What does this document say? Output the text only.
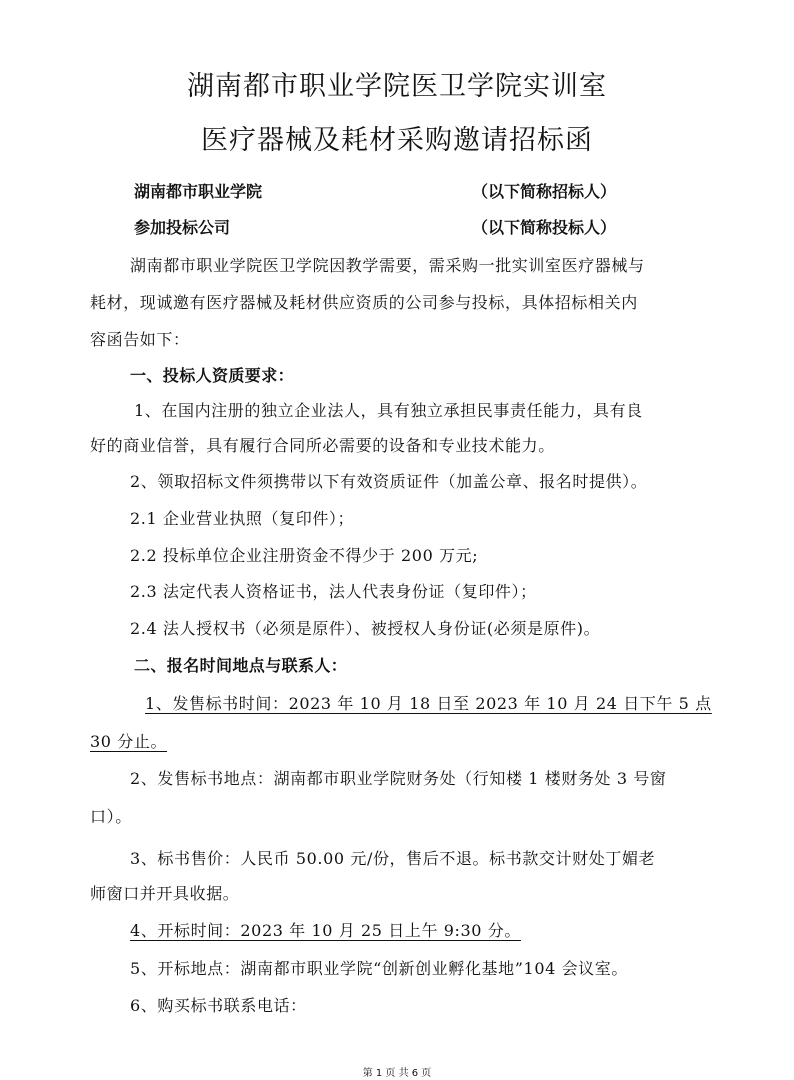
湖南都市职业学院医卫学院实训室
医疗器械及耗材采购邀请招标函
湖南都市职业学院	（以下简称招标人）
参加投标公司	（以下简称投标人）
湖南都市职业学院医卫学院因教学需要，需采购一批实训室医疗器械与
耗材，现诚邀有医疗器械及耗材供应资质的公司参与投标，具体招标相关内
容函告如下：
一、投标人资质要求：
1、在国内注册的独立企业法人，具有独立承担民事责任能力，具有良
好的商业信誉，具有履行合同所必需要的设备和专业技术能力。
2、领取招标文件须携带以下有效资质证件（加盖公章、报名时提供）。
2.1 企业营业执照（复印件）；
2.2 投标单位企业注册资金不得少于 200 万元;
2.3 法定代表人资格证书，法人代表身份证（复印件）；
2.4 法人授权书（必须是原件）、被授权人身份证(必须是原件)。
二、报名时间地点与联系人：
1、发售标书时间：2023 年 10 月 18 日至 2023 年 10 月 24 日下午 5 点
30 分止。
2、发售标书地点：湖南都市职业学院财务处（行知楼 1 楼财务处 3 号窗
口）。
3、标书售价：人民币 50.00 元/份，售后不退。标书款交计财处丁媚老
师窗口并开具收据。
4、开标时间：2023 年 10 月 25 日上午 9:30 分。
5、开标地点：湖南都市职业学院“创新创业孵化基地”104 会议室。
6、购买标书联系电话：
第 1 页 共 6 页
